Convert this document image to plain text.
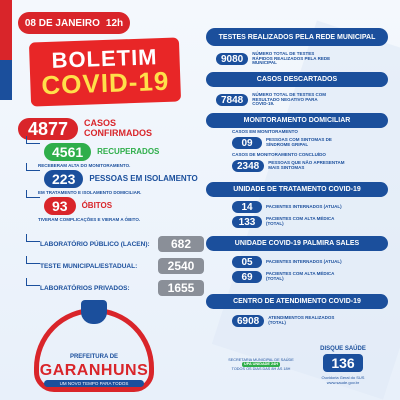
08 DE JANEIRO 12h
BOLETIM
COVID-19
4877	CASOS
CONFIRMADOS
4561	RECUPERADOS
RECEBERAM ALTA DO MONITORAMENTO.
223	PESSOAS EM ISOLAMENTO
EM TRATAMENTO E ISOLAMENTO DOMICILIAR.
93	ÓBITOS
TIVERAM COMPLICAÇÕES E VIERAM A ÓBITO.
LABORATÓRIO PÚBLICO (LACEN):	682
TESTE MUNICIPAL/ESTADUAL:	2540
LABORATÓRIOS PRIVADOS:	1655
PREFEITURA DE
GARANHUNS
UM NOVO TEMPO PARA TODOS
TESTES REALIZADOS PELA REDE MUNICIPAL
9080
NÚMERO TOTAL DE TESTES RÁPIDOS REALIZADOS PELA REDE MUNICIPAL
CASOS DESCARTADOS
7848
NÚMERO TOTAL DE TESTES COM RESULTADO NEGATIVO PARA COVID-19.
MONITORAMENTO DOMICILIAR
CASOS EM MONITORAMENTO
09	PESSOAS COM SINTOMAS DE SÍNDROME GRIPAL
CASOS DE MONITORAMENTO CONCLUÍDO
2348	PESSOAS QUE NÃO APRESENTAM MAIS SINTOMAS
UNIDADE DE TRATAMENTO COVID-19
14	PACIENTES INTERNADOS (ATUAL)
133	PACIENTES COM ALTA MÉDICA (TOTAL)
UNIDADE COVID-19 PALMIRA SALES
05	PACIENTES INTERNADOS (ATUAL)
69	PACIENTES COM ALTA MÉDICA (TOTAL)
CENTRO DE ATENDIMENTO COVID-19
6908	ATENDIMENTOS REALIZADOS (TOTAL)
SECRETARIA MUNICIPAL DE SAÚDE
UPA UNIDADE 24H
TODOS OS DIAS DAS 8H ÀS 18H
DISQUE SAÚDE
136
Ouvidoria Geral do SUS
www.saude.gov.br
